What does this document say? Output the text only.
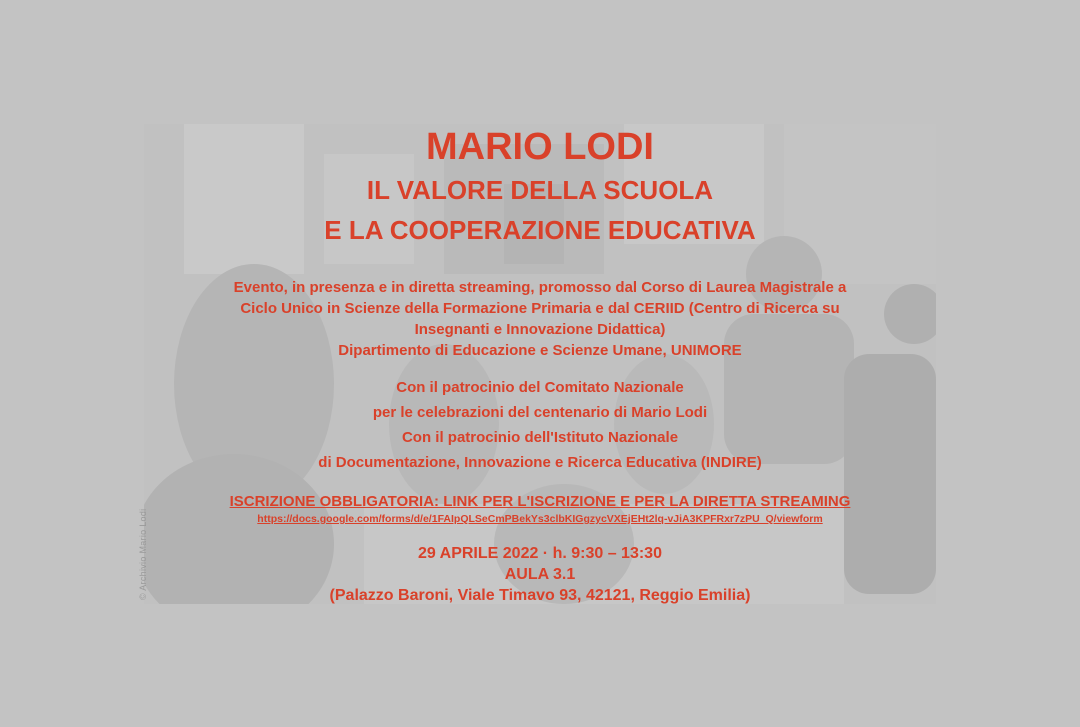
© Archivio Mario Lodi
MARIO LODI
IL VALORE DELLA SCUOLA
E LA COOPERAZIONE EDUCATIVA
Evento, in presenza e in diretta streaming, promosso dal Corso di Laurea Magistrale a
Ciclo Unico in Scienze della Formazione Primaria e dal CERIID (Centro di Ricerca su
Insegnanti e Innovazione Didattica)
Dipartimento di Educazione e Scienze Umane, UNIMORE
Con il patrocinio del Comitato Nazionale
per le celebrazioni del centenario di Mario Lodi
Con il patrocinio dell'Istituto Nazionale
di Documentazione, Innovazione e Ricerca Educativa (INDIRE)
ISCRIZIONE OBBLIGATORIA: LINK PER L'ISCRIZIONE E PER LA DIRETTA STREAMING
https://docs.google.com/forms/d/e/1FAIpQLSeCmPBekYs3clbKIGgzycVXEjEHt2lq-vJiA3KPFRxr7zPU_Q/viewform
29 APRILE 2022 · h. 9:30 – 13:30
AULA 3.1
(Palazzo Baroni, Viale Timavo 93, 42121, Reggio Emilia)
